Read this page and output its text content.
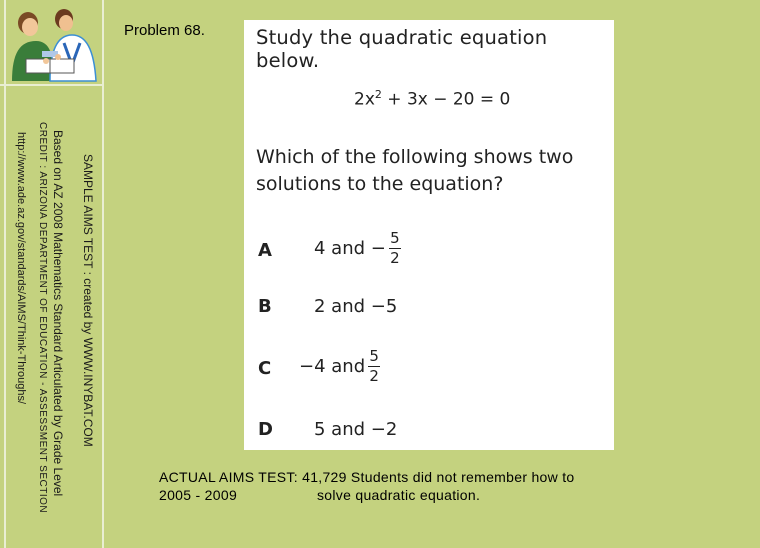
SAMPLE AIMS TEST : created by WWW.INYBAT.COM
Based on AZ 2008 Mathematics Standard Articulated by Grade Level
CREDIT : ARIZONA DEPARTMENT OF EDUCATION - ASSESSMENT SECTION
http://www.ade.az.gov/standards/AIMS/Think-Throughs/
Problem 68.	Study the quadratic equation below.
$2x^2 + 3x - 20 = 0$
Which of the following shows two solutions to the equation?
A 4 and − $\frac{5}{2}$
B 2 and −5
C −4 and $\frac{5}{2}$
D 5 and −2
ACTUAL AIMS TEST: 41,729 Students did not remember how to
2005 - 2009	solve quadratic equation.
